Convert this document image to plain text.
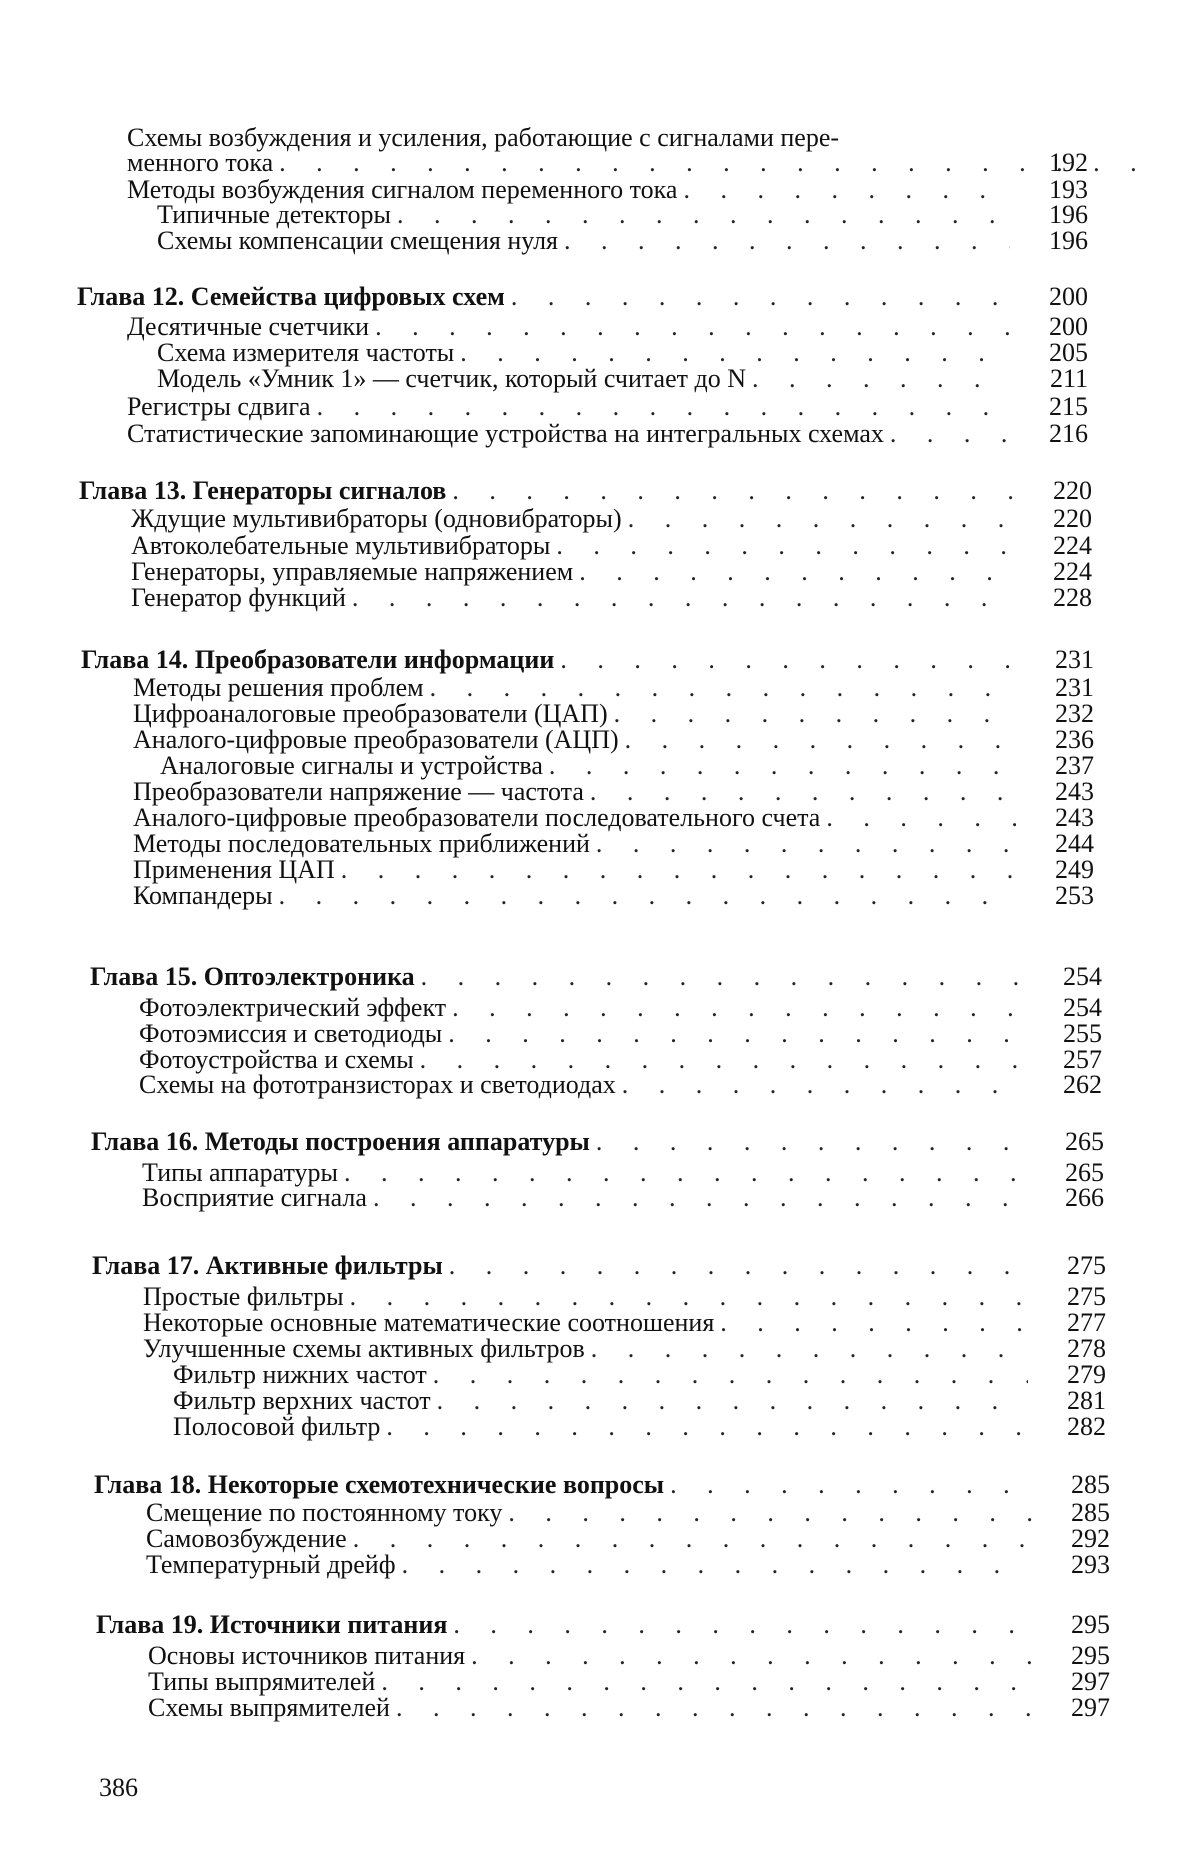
Схемы возбуждения и усиления, работающие с сигналами пере-
менного тока . . .	192
386
Методы возбуждения сигналом переменного тока . . .	193
Типичные детекторы . . .	196
Схемы компенсации смещения нуля . . .	196
Глава 12. Семейства цифровых схем . . .	200
Десятичные счетчики . . .	200
Схема измерителя частоты . . .	205
Модель «Умник 1» — счетчик, который считает до N . . .	211
Регистры сдвига . . .	215
Статистические запоминающие устройства на интегральных схемах . . .	216
Глава 13. Генераторы сигналов . . .	220
Ждущие мультивибраторы (одновибраторы) . . .	220
Автоколебательные мультивибраторы . . .	224
Генераторы, управляемые напряжением . . .	224
Генератор функций . . .	228
Глава 14. Преобразователи информации . . .	231
Методы решения проблем . . .	231
Цифроаналоговые преобразователи (ЦАП) . . .	232
Аналого-цифровые преобразователи (АЦП) . . .	236
Аналоговые сигналы и устройства . . .	237
Преобразователи напряжение — частота . . .	243
Аналого-цифровые преобразователи последовательного счета . . .	243
Методы последовательных приближений . . .	244
Применения ЦАП . . .	249
Компандеры . . .	253
Глава 15. Оптоэлектроника . . .	254
Фотоэлектрический эффект . . .	254
Фотоэмиссия и светодиоды . . .	255
Фотоустройства и схемы . . .	257
Схемы на фототранзисторах и светодиодах . . .	262
Глава 16. Методы построения аппаратуры . . .	265
Типы аппаратуры . . .	265
Восприятие сигнала . . .	266
Глава 17. Активные фильтры . . .	275
Простые фильтры . . .	275
Некоторые основные математические соотношения . . .	277
Улучшенные схемы активных фильтров . . .	278
Фильтр нижних частот . . .	279
Фильтр верхних частот . . .	281
Полосовой фильтр . . .	282
Глава 18. Некоторые схемотехнические вопросы . . .	285
Смещение по постоянному току . . .	285
Самовозбуждение . . .	292
Температурный дрейф . . .	293
Глава 19. Источники питания . . .	295
Основы источников питания . . .	295
Типы выпрямителей . . .	297
Схемы выпрямителей . . .	297
